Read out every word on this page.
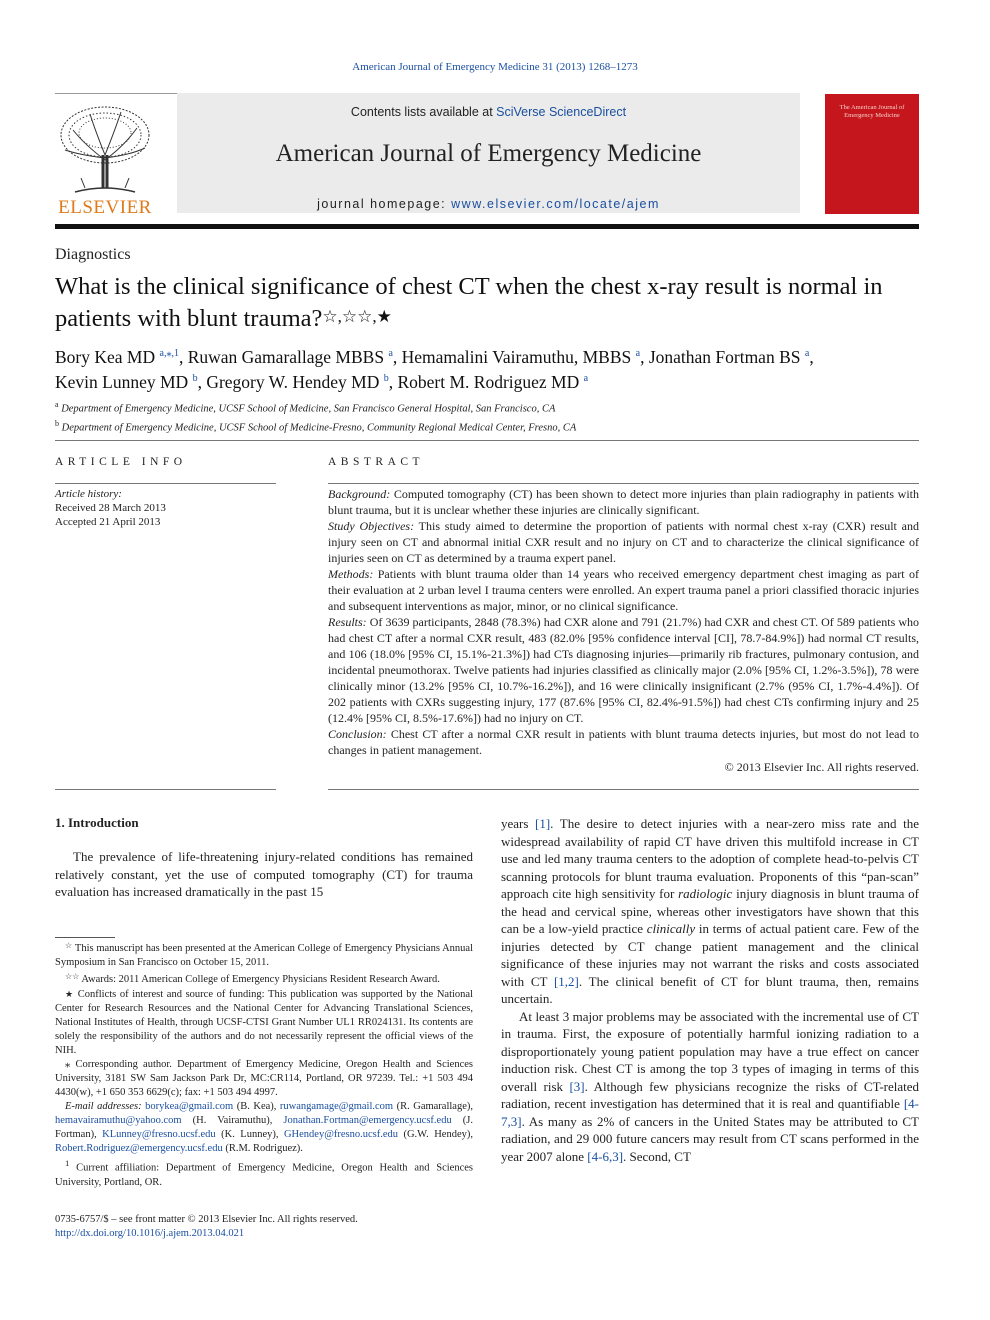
American Journal of Emergency Medicine 31 (2013) 1268–1273
Contents lists available at SciVerse ScienceDirect
American Journal of Emergency Medicine
journal homepage: www.elsevier.com/locate/ajem
ELSEVIER
The American Journal of Emergency Medicine
Diagnostics
What is the clinical significance of chest CT when the chest x-ray result is normal in patients with blunt trauma?☆,☆☆,★
Bory Kea MD $^{a,⁎,1}$, Ruwan Gamarallage MBBS $^a$, Hemamalini Vairamuthu, MBBS $^a$, Jonathan Fortman BS $^a$,
Kevin Lunney MD $^b$, Gregory W. Hendey MD $^b$, Robert M. Rodriguez MD $^a$
$^a$ Department of Emergency Medicine, UCSF School of Medicine, San Francisco General Hospital, San Francisco, CA
$^b$ Department of Emergency Medicine, UCSF School of Medicine-Fresno, Community Regional Medical Center, Fresno, CA
ARTICLE INFO
Article history:
Received 28 March 2013
Accepted 21 April 2013
ABSTRACT

Background: Computed tomography (CT) has been shown to detect more injuries than plain radiography in patients with blunt trauma, but it is unclear whether these injuries are clinically significant.

Study Objectives: This study aimed to determine the proportion of patients with normal chest x-ray (CXR) result and injury seen on CT and abnormal initial CXR result and no injury on CT and to characterize the clinical significance of injuries seen on CT as determined by a trauma expert panel.

Methods: Patients with blunt trauma older than 14 years who received emergency department chest imaging as part of their evaluation at 2 urban level I trauma centers were enrolled. An expert trauma panel a priori classified thoracic injuries and subsequent interventions as major, minor, or no clinical significance.

Results: Of 3639 participants, 2848 (78.3%) had CXR alone and 791 (21.7%) had CXR and chest CT. Of 589 patients who had chest CT after a normal CXR result, 483 (82.0% [95% confidence interval [CI], 78.7-84.9%]) had normal CT results, and 106 (18.0% [95% CI, 15.1%-21.3%]) had CTs diagnosing injuries—primarily rib fractures, pulmonary contusion, and incidental pneumothorax. Twelve patients had injuries classified as clinically major (2.0% [95% CI, 1.2%-3.5%]), 78 were clinically minor (13.2% [95% CI, 10.7%-16.2%]), and 16 were clinically insignificant (2.7% (95% CI, 1.7%-4.4%]). Of 202 patients with CXRs suggesting injury, 177 (87.6% [95% CI, 82.4%-91.5%]) had chest CTs confirming injury and 25 (12.4% [95% CI, 8.5%-17.6%]) had no injury on CT.

Conclusion: Chest CT after a normal CXR result in patients with blunt trauma detects injuries, but most do not lead to changes in patient management.

© 2013 Elsevier Inc. All rights reserved.

1. Introduction
The prevalence of life-threatening injury-related conditions has remained relatively constant, yet the use of computed tomography (CT) for trauma evaluation has increased dramatically in the past 15

☆ This manuscript has been presented at the American College of Emergency Physicians Annual Symposium in San Francisco on October 15, 2011.

☆☆ Awards: 2011 American College of Emergency Physicians Resident Research Award.

★ Conflicts of interest and source of funding: This publication was supported by the National Center for Research Resources and the National Center for Advancing Translational Sciences, National Institutes of Health, through UCSF-CTSI Grant Number UL1 RR024131. Its contents are solely the responsibility of the authors and do not necessarily represent the official views of the NIH.

⁎ Corresponding author. Department of Emergency Medicine, Oregon Health and Sciences University, 3181 SW Sam Jackson Park Dr, MC:CR114, Portland, OR 97239. Tel.: +1 503 494 4430(w), +1 650 353 6629(c); fax: +1 503 494 4997.

E-mail addresses: borykea@gmail.com (B. Kea), ruwangamage@gmail.com (R. Gamarallage), hemavairamuthu@yahoo.com (H. Vairamuthu), Jonathan.Fortman@emergency.ucsf.edu (J. Fortman), KLunney@fresno.ucsf.edu (K. Lunney), GHendey@fresno.ucsf.edu (G.W. Hendey), Robert.Rodriguez@emergency.ucsf.edu (R.M. Rodriguez).

$^1$ Current affiliation: Department of Emergency Medicine, Oregon Health and Sciences University, Portland, OR.

0735-6757/$ – see front matter © 2013 Elsevier Inc. All rights reserved.
http://dx.doi.org/10.1016/j.ajem.2013.04.021

years [1]. The desire to detect injuries with a near-zero miss rate and the widespread availability of rapid CT have driven this multifold increase in CT use and led many trauma centers to the adoption of complete head-to-pelvis CT scanning protocols for blunt trauma evaluation. Proponents of this “pan-scan” approach cite high sensitivity for radiologic injury diagnosis in blunt trauma of the head and cervical spine, whereas other investigators have shown that this can be a low-yield practice clinically in terms of actual patient care. Few of the injuries detected by CT change patient management and the clinical significance of these injuries may not warrant the risks and costs associated with CT [1,2]. The clinical benefit of CT for blunt trauma, then, remains uncertain.

At least 3 major problems may be associated with the incremental use of CT in trauma. First, the exposure of potentially harmful ionizing radiation to a disproportionately young patient population may have a true effect on cancer induction risk. Chest CT is among the top 3 types of imaging in terms of this overall risk [3]. Although few physicians recognize the risks of CT-related radiation, recent investigation has determined that it is real and quantifiable [4-7,3]. As many as 2% of cancers in the United States may be attributed to CT radiation, and 29 000 future cancers may result from CT scans performed in the year 2007 alone [4-6,3]. Second, CT
